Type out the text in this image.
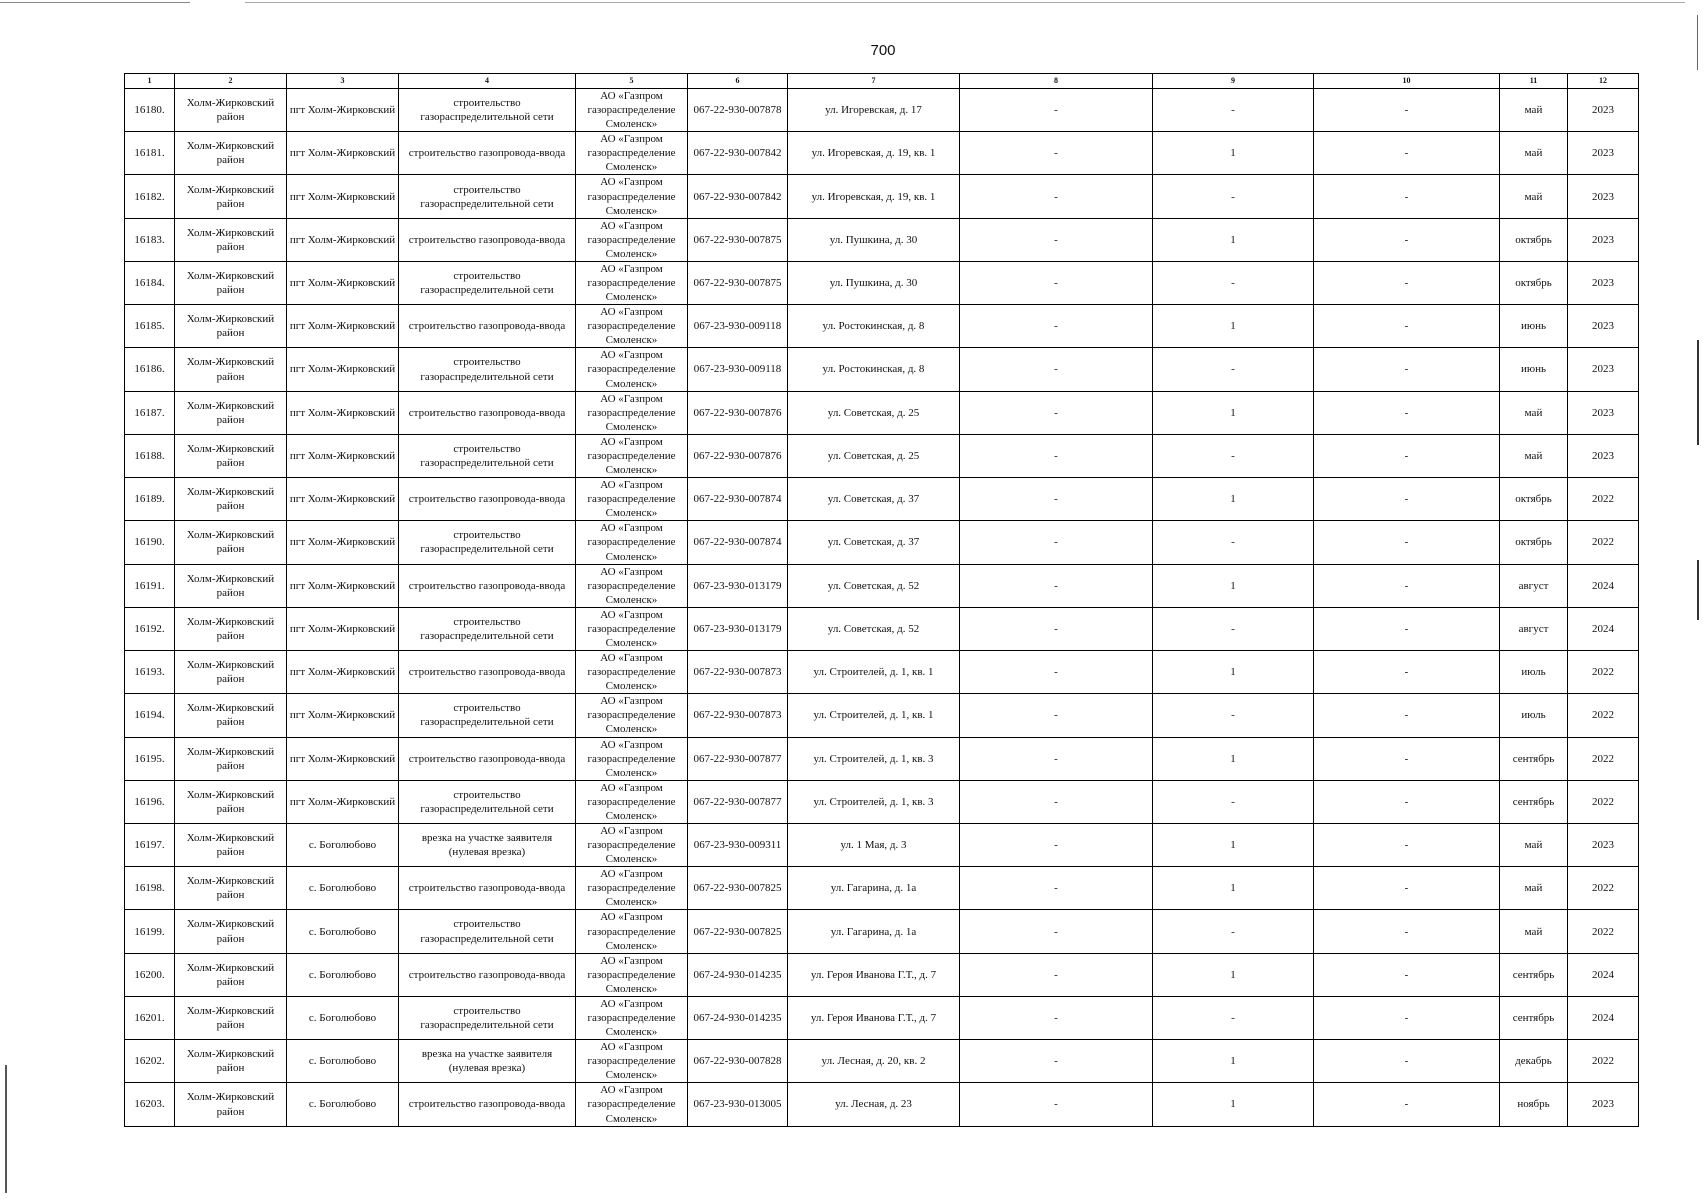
700
1	2	3	4	5	6	7	8	9	10	11	12
16180.	Холм-Жирковский район	пгт Холм-Жирковский	строительство газораспределительной сети	АО «Газпром газораспределение Смоленск»	067-22-930-007878	ул. Игоревская, д. 17	-	-	-	май	2023
16181.	Холм-Жирковский район	пгт Холм-Жирковский	строительство газопровода-ввода	АО «Газпром газораспределение Смоленск»	067-22-930-007842	ул. Игоревская, д. 19, кв. 1	-	1	-	май	2023
16182.	Холм-Жирковский район	пгт Холм-Жирковский	строительство газораспределительной сети	АО «Газпром газораспределение Смоленск»	067-22-930-007842	ул. Игоревская, д. 19, кв. 1	-	-	-	май	2023
16183.	Холм-Жирковский район	пгт Холм-Жирковский	строительство газопровода-ввода	АО «Газпром газораспределение Смоленск»	067-22-930-007875	ул. Пушкина, д. 30	-	1	-	октябрь	2023
16184.	Холм-Жирковский район	пгт Холм-Жирковский	строительство газораспределительной сети	АО «Газпром газораспределение Смоленск»	067-22-930-007875	ул. Пушкина, д. 30	-	-	-	октябрь	2023
16185.	Холм-Жирковский район	пгт Холм-Жирковский	строительство газопровода-ввода	АО «Газпром газораспределение Смоленск»	067-23-930-009118	ул. Ростокинская, д. 8	-	1	-	июнь	2023
16186.	Холм-Жирковский район	пгт Холм-Жирковский	строительство газораспределительной сети	АО «Газпром газораспределение Смоленск»	067-23-930-009118	ул. Ростокинская, д. 8	-	-	-	июнь	2023
16187.	Холм-Жирковский район	пгт Холм-Жирковский	строительство газопровода-ввода	АО «Газпром газораспределение Смоленск»	067-22-930-007876	ул. Советская, д. 25	-	1	-	май	2023
16188.	Холм-Жирковский район	пгт Холм-Жирковский	строительство газораспределительной сети	АО «Газпром газораспределение Смоленск»	067-22-930-007876	ул. Советская, д. 25	-	-	-	май	2023
16189.	Холм-Жирковский район	пгт Холм-Жирковский	строительство газопровода-ввода	АО «Газпром газораспределение Смоленск»	067-22-930-007874	ул. Советская, д. 37	-	1	-	октябрь	2022
16190.	Холм-Жирковский район	пгт Холм-Жирковский	строительство газораспределительной сети	АО «Газпром газораспределение Смоленск»	067-22-930-007874	ул. Советская, д. 37	-	-	-	октябрь	2022
16191.	Холм-Жирковский район	пгт Холм-Жирковский	строительство газопровода-ввода	АО «Газпром газораспределение Смоленск»	067-23-930-013179	ул. Советская, д. 52	-	1	-	август	2024
16192.	Холм-Жирковский район	пгт Холм-Жирковский	строительство газораспределительной сети	АО «Газпром газораспределение Смоленск»	067-23-930-013179	ул. Советская, д. 52	-	-	-	август	2024
16193.	Холм-Жирковский район	пгт Холм-Жирковский	строительство газопровода-ввода	АО «Газпром газораспределение Смоленск»	067-22-930-007873	ул. Строителей, д. 1, кв. 1	-	1	-	июль	2022
16194.	Холм-Жирковский район	пгт Холм-Жирковский	строительство газораспределительной сети	АО «Газпром газораспределение Смоленск»	067-22-930-007873	ул. Строителей, д. 1, кв. 1	-	-	-	июль	2022
16195.	Холм-Жирковский район	пгт Холм-Жирковский	строительство газопровода-ввода	АО «Газпром газораспределение Смоленск»	067-22-930-007877	ул. Строителей, д. 1, кв. 3	-	1	-	сентябрь	2022
16196.	Холм-Жирковский район	пгт Холм-Жирковский	строительство газораспределительной сети	АО «Газпром газораспределение Смоленск»	067-22-930-007877	ул. Строителей, д. 1, кв. 3	-	-	-	сентябрь	2022
16197.	Холм-Жирковский район	с. Боголюбово	врезка на участке заявителя (нулевая врезка)	АО «Газпром газораспределение Смоленск»	067-23-930-009311	ул. 1 Мая, д. 3	-	1	-	май	2023
16198.	Холм-Жирковский район	с. Боголюбово	строительство газопровода-ввода	АО «Газпром газораспределение Смоленск»	067-22-930-007825	ул. Гагарина, д. 1а	-	1	-	май	2022
16199.	Холм-Жирковский район	с. Боголюбово	строительство газораспределительной сети	АО «Газпром газораспределение Смоленск»	067-22-930-007825	ул. Гагарина, д. 1а	-	-	-	май	2022
16200.	Холм-Жирковский район	с. Боголюбово	строительство газопровода-ввода	АО «Газпром газораспределение Смоленск»	067-24-930-014235	ул. Героя Иванова Г.Т., д. 7	-	1	-	сентябрь	2024
16201.	Холм-Жирковский район	с. Боголюбово	строительство газораспределительной сети	АО «Газпром газораспределение Смоленск»	067-24-930-014235	ул. Героя Иванова Г.Т., д. 7	-	-	-	сентябрь	2024
16202.	Холм-Жирковский район	с. Боголюбово	врезка на участке заявителя (нулевая врезка)	АО «Газпром газораспределение Смоленск»	067-22-930-007828	ул. Лесная, д. 20, кв. 2	-	1	-	декабрь	2022
16203.	Холм-Жирковский район	с. Боголюбово	строительство газопровода-ввода	АО «Газпром газораспределение Смоленск»	067-23-930-013005	ул. Лесная, д. 23	-	1	-	ноябрь	2023
